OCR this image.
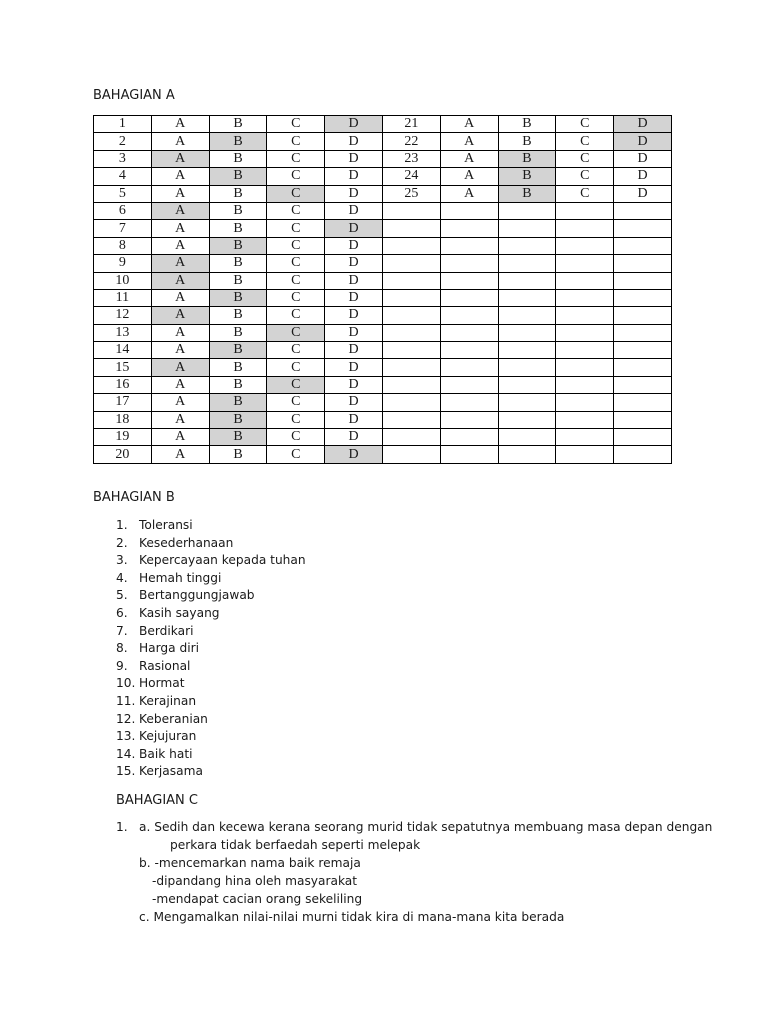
BAHAGIAN A
1	A	B	C	D	21	A	B	C	D
2	A	B	C	D	22	A	B	C	D
3	A	B	C	D	23	A	B	C	D
4	A	B	C	D	24	A	B	C	D
5	A	B	C	D	25	A	B	C	D
6	A	B	C	D					
7	A	B	C	D					
8	A	B	C	D					
9	A	B	C	D					
10	A	B	C	D					
11	A	B	C	D					
12	A	B	C	D					
13	A	B	C	D					
14	A	B	C	D					
15	A	B	C	D					
16	A	B	C	D					
17	A	B	C	D					
18	A	B	C	D					
19	A	B	C	D					
20	A	B	C	D					
BAHAGIAN B
1. Toleransi
2. Kesederhanaan
3. Kepercayaan kepada tuhan
4. Hemah tinggi
5. Bertanggungjawab
6. Kasih sayang
7. Berdikari
8. Harga diri
9. Rasional
10. Hormat
11. Kerajinan
12. Keberanian
13. Kejujuran
14. Baik hati
15. Kerjasama
BAHAGIAN C
1. a. Sedih dan kecewa kerana seorang murid tidak sepatutnya membuang masa depan dengan
perkara tidak berfaedah seperti melepak
b. -mencemarkan nama baik remaja
-dipandang hina oleh masyarakat
-mendapat cacian orang sekeliling
c. Mengamalkan nilai-nilai murni tidak kira di mana-mana kita berada
